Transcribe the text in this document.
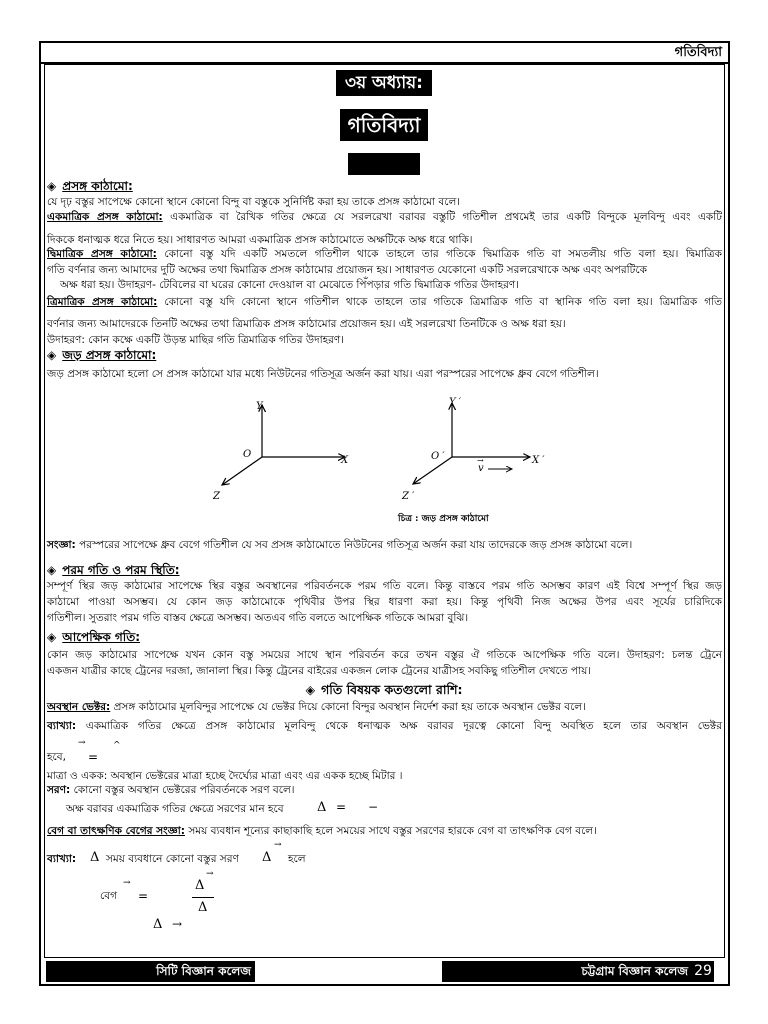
গতিবিদ্যা
৩য় অধ্যায়:
গতিবিদ্যা
◈ প্রসঙ্গ কাঠামো:
যে দৃঢ় বস্তুর সাপেক্ষে কোনো স্থানে কোনো বিন্দু বা বস্তুকে সুনির্দিষ্ট করা হয় তাকে প্রসঙ্গ কাঠামো বলে।
একমাত্রিক প্রসঙ্গ কাঠামো: একমাত্রিক বা রৈখিক গতির ক্ষেত্রে যে সরলরেখা বরাবর বস্তুটি গতিশীল প্রথমেই তার একটি বিন্দুকে মূলবিন্দু এবং একটি
দিককে ধনাত্মক ধরে নিতে হয়। সাধারণত আমরা একমাত্রিক প্রসঙ্গ কাঠামোতে অক্ষটিকে অক্ষ ধরে থাকি।
দ্বিমাত্রিক প্রসঙ্গ কাঠামো: কোনো বস্তু যদি একটি সমতলে গতিশীল থাকে তাহলে তার গতিকে দ্বিমাত্রিক গতি বা সমতলীয় গতি বলা হয়। দ্বিমাত্রিক
গতি বর্ণনার জন্য আমাদের দুটি অক্ষের তথা দ্বিমাত্রিক প্রসঙ্গ কাঠামোর প্রয়োজন হয়। সাধারণত যেকোনো একটি সরলরেখাকে অক্ষ এবং অপরটিকে
অক্ষ ধরা হয়। উদাহরণ- টেবিলের বা ঘরের কোনো দেওয়াল বা মেঝেতে পিঁপড়ার গতি দ্বিমাত্রিক গতির উদাহরণ।
ত্রিমাত্রিক প্রসঙ্গ কাঠামো: কোনো বস্তু যদি কোনো স্থানে গতিশীল থাকে তাহলে তার গতিকে ত্রিমাত্রিক গতি বা স্থানিক গতি বলা হয়। ত্রিমাত্রিক গতি
বর্ণনার জন্য আমাদেরকে তিনটি অক্ষের তথা ত্রিমাত্রিক প্রসঙ্গ কাঠামোর প্রয়োজন হয়। এই সরলরেখা তিনটিকে ও অক্ষ ধরা হয়।
উদাহরণ: কোন কক্ষে একটি উড়ন্ত মাছির গতি ত্রিমাত্রিক গতির উদাহরণ।
◈ জড় প্রসঙ্গ কাঠামো:
জড় প্রসঙ্গ কাঠামো হলো সে প্রসঙ্গ কাঠামো যার মধ্যে নিউটনের গতিসূত্র অর্জন করা যায়। এরা পরস্পরের সাপেক্ষে ধ্রুব বেগে গতিশীল।
Y
X
Z
O
Y ′
X ′
Z ′
O ′
v
→
চিত্র : জড় প্রসঙ্গ কাঠামো
সংজ্ঞা: পরস্পরের সাপেক্ষে ধ্রুব বেগে গতিশীল যে সব প্রসঙ্গ কাঠামোতে নিউটনের গতিসূত্র অর্জন করা যায় তাদেরকে জড় প্রসঙ্গ কাঠামো বলে।
◈ পরম গতি ও পরম স্থিতি:
সম্পূর্ণ স্থির জড় কাঠামোর সাপেক্ষে স্থির বস্তুর অবস্থানের পরিবর্তনকে পরম গতি বলে। কিন্তু বাস্তবে পরম গতি অসম্ভব কারণ এই বিশ্বে সম্পূর্ণ স্থির জড়
কাঠামো পাওয়া অসম্ভব। যে কোন জড় কাঠামোকে পৃথিবীর উপর স্থির ধারণা করা হয়। কিন্তু পৃথিবী নিজ অক্ষের উপর এবং সূর্যের চারিদিকে
গতিশীল। সুতরাং পরম গতি বাস্তব ক্ষেত্রে অসম্ভব। অতএব গতি বলতে আপেক্ষিক গতিকে আমরা বুঝি।
◈ আপেক্ষিক গতি:
কোন জড় কাঠামোর সাপেক্ষে যখন কোন বস্তু সময়ের সাথে স্থান পরিবর্তন করে তখন বস্তুর ঐ গতিকে আপেক্ষিক গতি বলে। উদাহরণ: চলন্ত ট্রেনে
একজন যাত্রীর কাছে ট্রেনের দরজা, জানালা স্থির। কিন্তু ট্রেনের বাইরের একজন লোক ট্রেনের যাত্রীসহ সবকিছু গতিশীল দেখতে পায়।
◈ গতি বিষয়ক কতগুলো রাশি:
অবস্থান ভেক্টর: প্রসঙ্গ কাঠামোর মূলবিন্দুর সাপেক্ষে যে ভেক্টর দিয়ে কোনো বিন্দুর অবস্থান নির্দেশ করা হয় তাকে অবস্থান ভেক্টর বলে।
ব্যাখ্যা: একমাত্রিক গতির ক্ষেত্রে প্রসঙ্গ কাঠামোর মূলবিন্দু থেকে ধনাত্মক অক্ষ বরাবর দূরত্বে কোনো বিন্দু অবস্থিত হলে তার অবস্থান ভেক্টর
হবে,
→
=
^
মাত্রা ও একক: অবস্থান ভেক্টরের মাত্রা হচ্ছে দৈর্ঘ্যের মাত্রা এবং এর একক হচ্ছে মিটার ।
সরণ: কোনো বস্তুর অবস্থান ভেক্টরের পরিবর্তনকে সরণ বলে।
অক্ষ বরাবর একমাত্রিক গতির ক্ষেত্রে সরণের মান হবে	Δ = −
বেগ বা তাৎক্ষণিক বেগের সংজ্ঞা: সময় ব্যবধান শূন্যের কাছাকাছি হলে সময়ের সাথে বস্তুর সরণের হারকে বেগ বা তাৎক্ষণিক বেগ বলে।
ব্যাখ্যা:	Δ সময় ব্যবধানে কোনো বস্তুর সরণ	Δ
→
হলে
বেগ
→
=
Δ
→
Δ
Δ →
সিটি বিজ্ঞান কলেজ	চট্টগ্রাম বিজ্ঞান কলেজ 29
